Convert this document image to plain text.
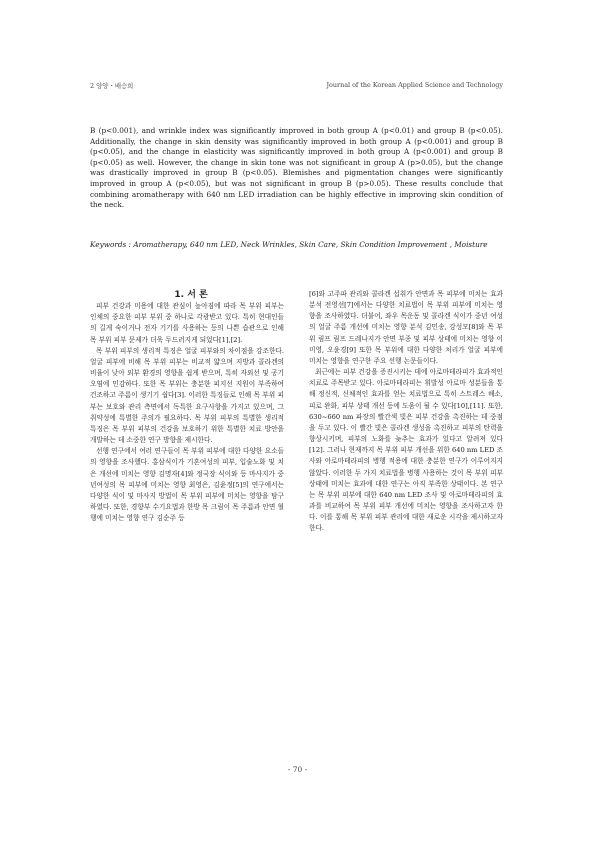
2 양양・배승희	Journal of the Korean Applied Science and Technology

B (p<0.001), and wrinkle index was significantly improved in both group A (p<0.01) and group B (p<0.05). Additionally, the change in skin density was significantly improved in both group A (p<0.001) and group B (p<0.05), and the change in elasticity was significantly improved in both group A (p<0.001) and group B (p<0.05) as well. However, the change in skin tone was not significant in group A (p>0.05), but the change was drastically improved in group B (p<0.05). Blemishes and pigmentation changes were significantly improved in group A (p<0.05), but was not significant in group B (p>0.05). These results conclude that combining aromatherapy with 640 nm LED irradiation can be highly effective in improving skin condition of the neck.

Keywords : Aromatherapy, 640 nm LED, Neck Wrinkles, Skin Care, Skin Condition Improvement , Moisture

1. 서 론

피부 건강과 미용에 대한 관심이 높아짐에 따라 목 부위 피부는 인체의 중요한 피부 부위 중 하나로 각광받고 있다. 특히 현대인들의 길게 숙이거나 전자 기기를 사용하는 등의 나쁜 습관으로 인해 목 부위 피부 문제가 더욱 두드러지게 되었다[1],[2].

목 부위 피부의 생리적 특징은 얼굴 피부와의 차이점을 강조한다. 얼굴 피부에 비해 목 부위 피부는 비교적 얇으며 지방과 콜라겐의 비율이 낮아 외부 환경의 영향을 쉽게 받으며, 특히 자외선 및 공기 오염에 민감하다. 또한 목 부위는 충분한 피지선 지원이 부족하여 건조하고 주름이 생기기 쉽다[3]. 이러한 특징들로 인해 목 부위 피부는 보호와 관리 측면에서 독특한 요구사항을 가지고 있으며, 그 취약성에 특별한 주의가 필요하다. 목 부위 피부의 특별한 생리적 특징은 목 부위 피부의 건강을 보호하기 위한 특별한 치료 방안을 개발하는 데 소중한 연구 방향을 제시한다.

선행 연구에서 여러 연구들이 목 부위 피부에 대한 다양한 요소들의 영향을 조사했다. 홍삼식이가 기혼여성의 피부, 입술노화 및 치은 개선에 미치는 영향 김명자[4]와 정국장 식이와 등 마사지가 중년여성의 목 피부에 미치는 영향 최영은, 김윤정[5]의 연구에서는 다양한 식이 및 마사지 방법이 목 부위 피부에 미치는 영향을 탐구하였다. 또한, 경향부 수기요법과 한방 목 크림이 목 주름과 안면 혈행에 미치는 영향 연구 김순주 등

[6]와 고주파 관리와 콜라겐 섭취가 안면과 목 피부에 미치는 효과 분석 전영선[7]에서는 다양한 치료법이 목 부위 피부에 미치는 영향을 조사하였다. 더불어, 좌우 목운동 및 콜라겐 식이가 중년 여성의 얼굴 주름 개선에 미치는 영향 분석 김민송, 강성모[8]와 목 부위 림프 림프 드레나지가 안면 부종 및 피부 상태에 미치는 영향 이미영, 오윤경[9] 또한 목 부위에 대한 다양한 처리가 얼굴 피부에 미치는 영향을 연구한 주요 선행 논문들이다.

최근에는 피부 건강을 증진시키는 데에 아로마테라피가 효과적인 치료로 주목받고 있다. 아로마테라피는 휘발성 아로마 성분들을 통해 정신적, 신체적인 효과를 얻는 치료법으로 특히 스트레스 해소, 피로 완화, 피부 상태 개선 등에 도움이 될 수 있다[10],[11]. 또한, 630~660 nm 파장의 빨간색 빛은 피부 건강을 촉진하는 데 중점을 두고 있다. 이 빨간 빛은 콜라겐 생성을 촉진하고 피부의 탄력을 향상시키며, 피부의 노화를 늦추는 효과가 있다고 알려져 있다[12]. 그러나 현재까지 목 부위 피부 개선을 위한 640 nm LED 조사와 아로마테라피의 병행 적용에 대한 충분한 연구가 이루어지지 않았다. 이러한 두 가지 치료법을 병행 사용하는 것이 목 부위 피부 상태에 미치는 효과에 대한 연구는 아직 부족한 상태이다. 본 연구는 목 부위 피부에 대한 640 nm LED 조사 및 아로마테라피의 효과를 비교하여 목 부위 피부 개선에 미치는 영향을 조사하고자 한다. 이를 통해 목 부위 피부 관리에 대한 새로운 시각을 제시하고자 한다.

- 70 -
